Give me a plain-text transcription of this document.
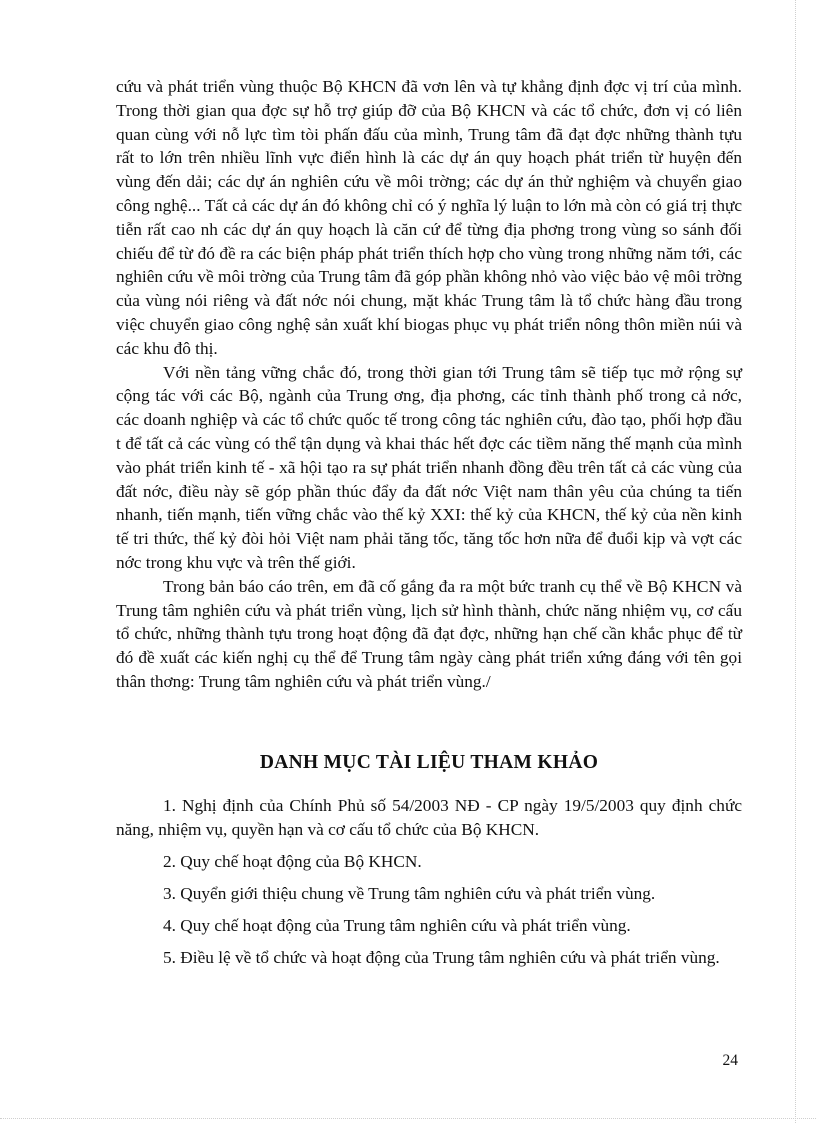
cứu và phát triển vùng thuộc Bộ KHCN đã vơn lên và tự khẳng định đợc vị trí của mình. Trong thời gian qua đợc sự hỗ trợ giúp đỡ của Bộ KHCN và các tổ chức, đơn vị có liên quan cùng với nỗ lực tìm tòi phấn đấu của mình, Trung tâm đã đạt đợc những thành tựu rất to lớn trên nhiều lĩnh vực điển hình là các dự án quy hoạch phát triển từ huyện đến vùng đến dải; các dự án nghiên cứu về môi trờng; các dự án thử nghiệm và chuyển giao công nghệ... Tất cả các dự án đó không chỉ có ý nghĩa lý luận to lớn mà còn có giá trị thực tiễn rất cao nh các dự án quy hoạch là căn cứ để từng địa phơng trong vùng so sánh đối chiếu để từ đó đề ra các biện pháp phát triển thích hợp cho vùng trong những năm tới, các nghiên cứu về môi trờng của Trung tâm đã góp phần không nhỏ vào việc bảo vệ môi trờng của vùng nói riêng và đất nớc nói chung, mặt khác Trung tâm là tổ chức hàng đầu trong việc chuyển giao công nghệ sản xuất khí biogas phục vụ phát triển nông thôn miền núi và các khu đô thị.

Với nền tảng vững chắc đó, trong thời gian tới Trung tâm sẽ tiếp tục mở rộng sự cộng tác với các Bộ, ngành của Trung ơng, địa phơng, các tỉnh thành phố trong cả nớc, các doanh nghiệp và các tổ chức quốc tế trong công tác nghiên cứu, đào tạo, phối hợp đầu t để tất cả các vùng có thể tận dụng và khai thác hết đợc các tiềm năng thế mạnh của mình vào phát triển kinh tế - xã hội tạo ra sự phát triển nhanh đồng đều trên tất cả các vùng của đất nớc, điều này sẽ góp phần thúc đẩy đa đất nớc Việt nam thân yêu của chúng ta tiến nhanh, tiến mạnh, tiến vững chắc vào thế kỷ XXI: thế kỷ của KHCN, thế kỷ của nền kinh tế tri thức, thế kỷ đòi hỏi Việt nam phải tăng tốc, tăng tốc hơn nữa để đuổi kịp và vợt các nớc trong khu vực và trên thế giới.

Trong bản báo cáo trên, em đã cố gắng đa ra một bức tranh cụ thể về Bộ KHCN và Trung tâm nghiên cứu và phát triển vùng, lịch sử hình thành, chức năng nhiệm vụ, cơ cấu tổ chức, những thành tựu trong hoạt động đã đạt đợc, những hạn chế cần khắc phục để từ đó đề xuất các kiến nghị cụ thể để Trung tâm ngày càng phát triển xứng đáng với tên gọi thân thơng: Trung tâm nghiên cứu và phát triển vùng./

DANH MỤC TÀI LIỆU THAM KHẢO
1. Nghị định của Chính Phủ số 54/2003 NĐ - CP ngày 19/5/2003 quy định chức năng, nhiệm vụ, quyền hạn và cơ cấu tổ chức của Bộ KHCN.
2. Quy chế hoạt động của Bộ KHCN.
3. Quyển giới thiệu chung về Trung tâm nghiên cứu và phát triển vùng.
4. Quy chế hoạt động của Trung tâm nghiên cứu và phát triển vùng.
5. Điều lệ về tổ chức và hoạt động của Trung tâm nghiên cứu và phát triển vùng.
24
